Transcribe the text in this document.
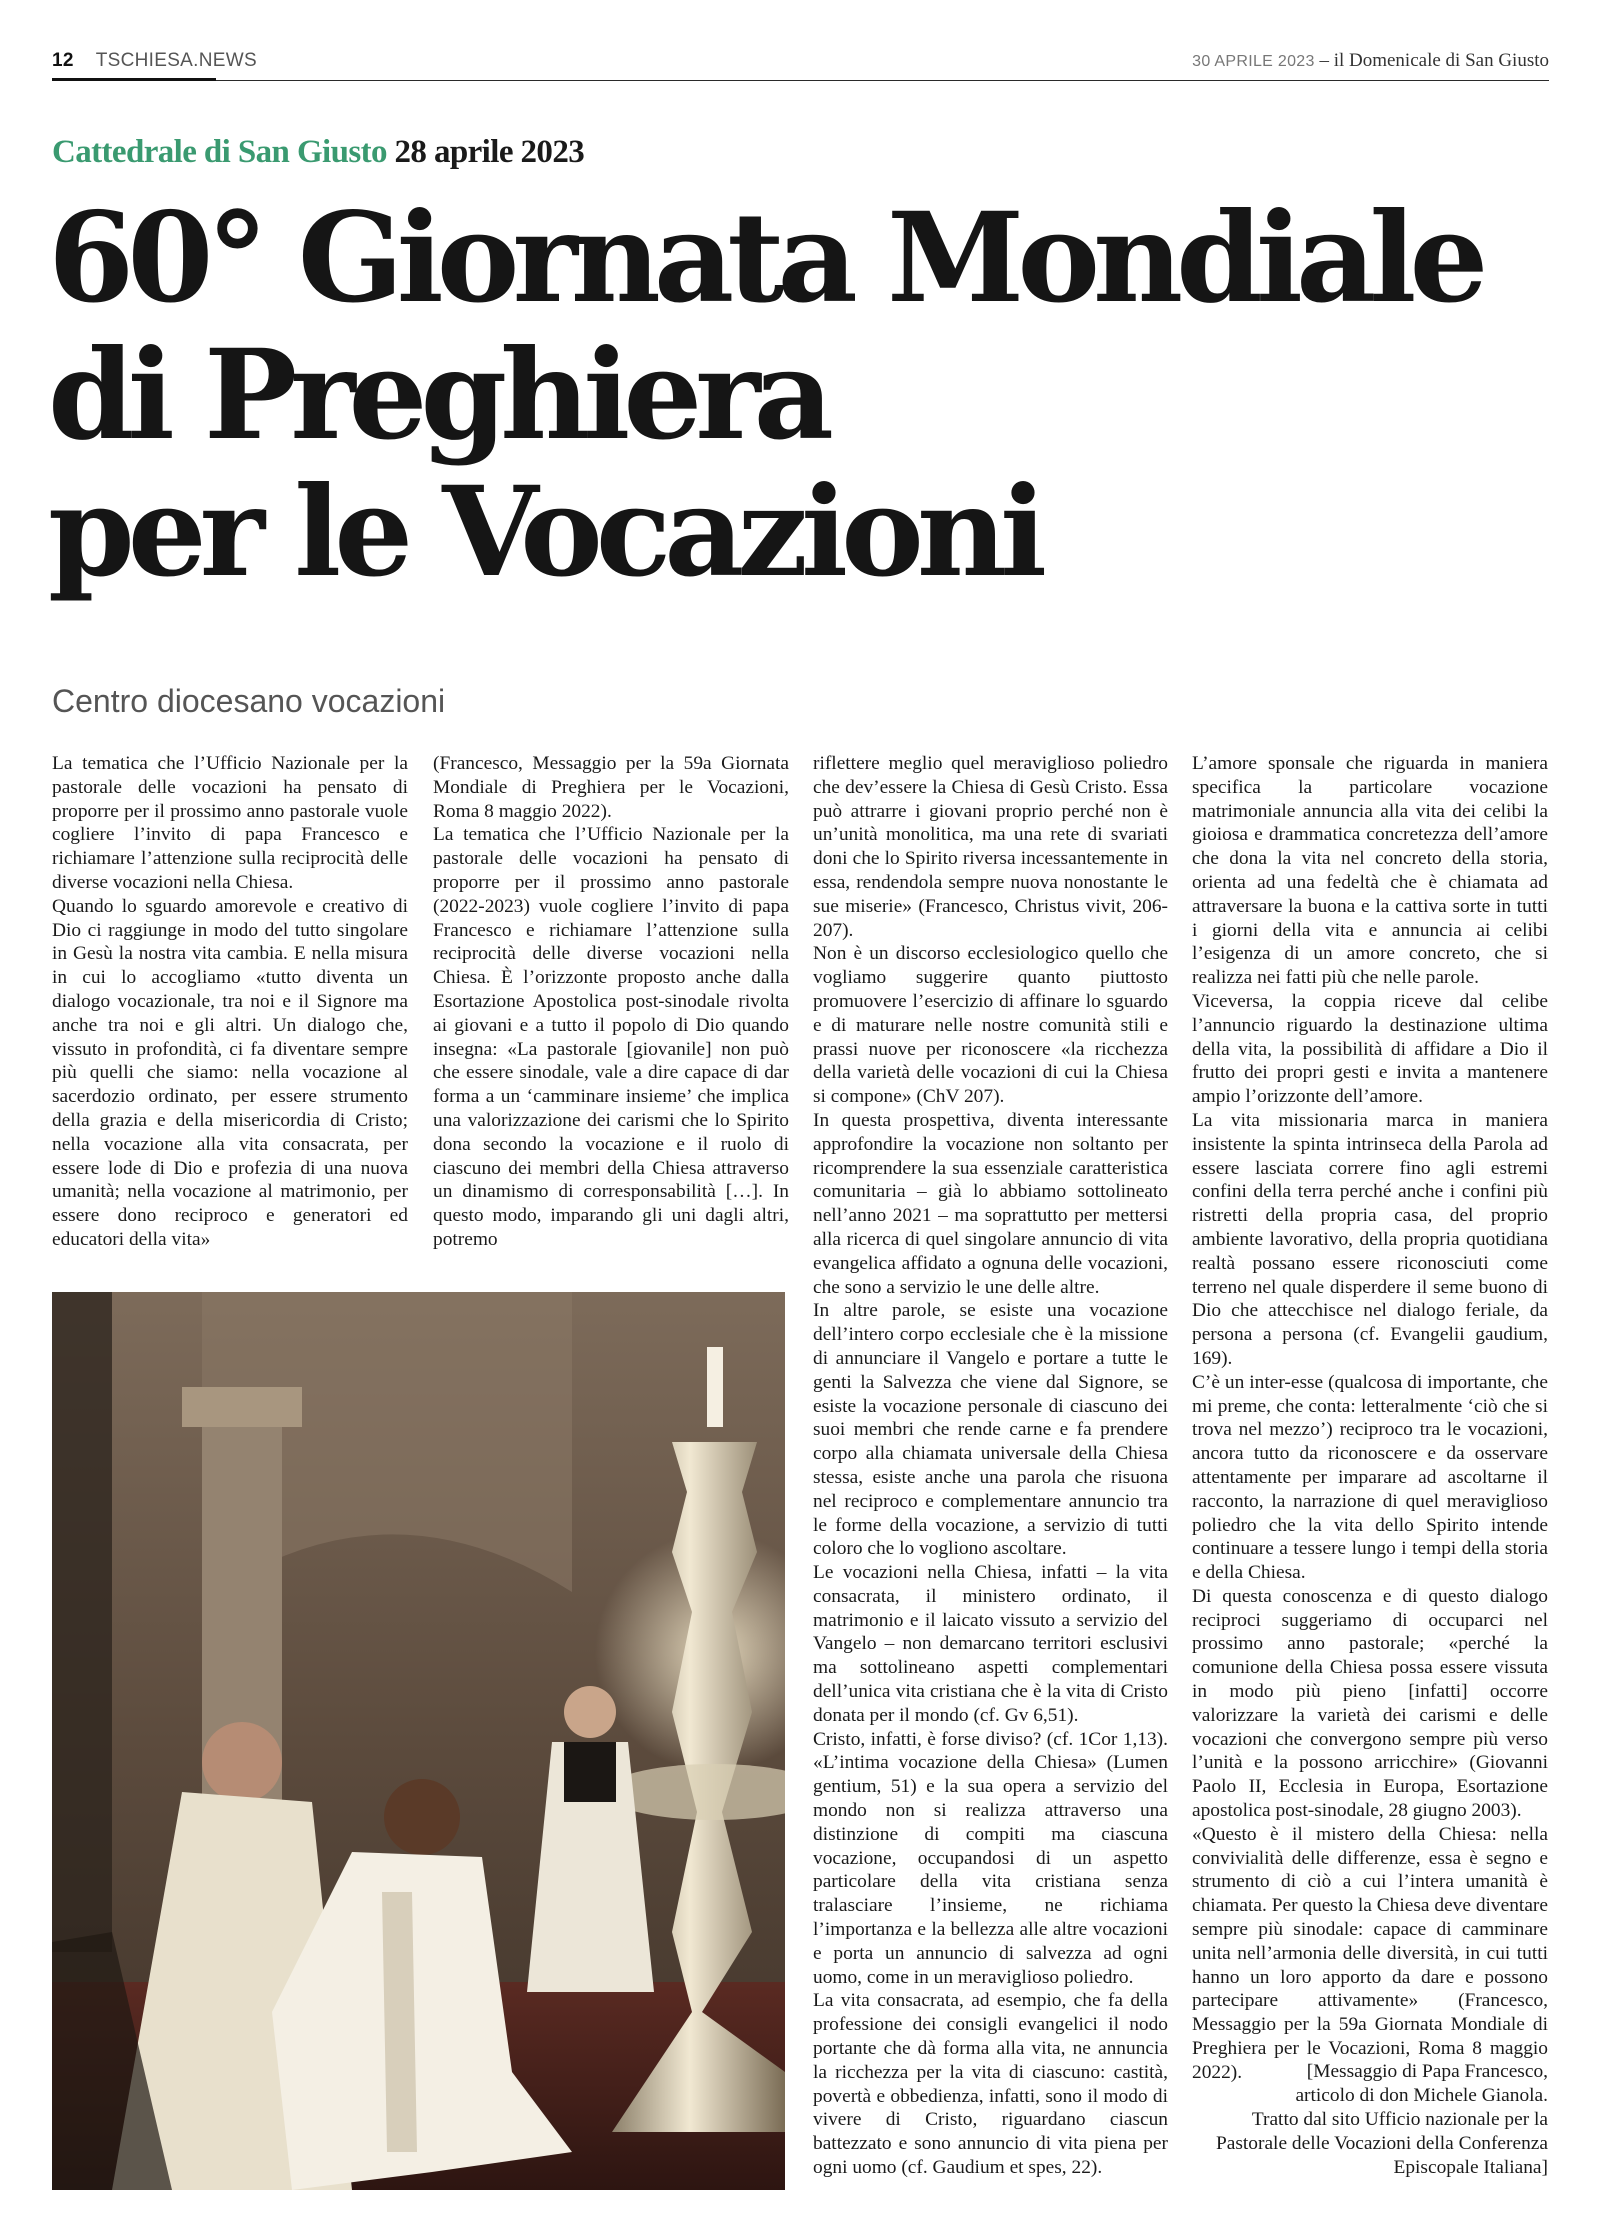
12 TSCHIESA.NEWS	30 APRILE 2023 – il Domenicale di San Giusto
Cattedrale di San Giusto 28 aprile 2023
60° Giornata Mondiale
di Preghiera
per le Vocazioni
Centro diocesano vocazioni

La tematica che l’Ufficio Nazionale per la pastorale delle vocazioni ha pensato di proporre per il prossimo anno pastorale vuole cogliere l’invito di papa Francesco e richiamare l’attenzione sulla reciprocità delle diverse vocazioni nella Chiesa.

Quando lo sguardo amorevole e creativo di Dio ci raggiunge in modo del tutto singolare in Gesù la nostra vita cambia. E nella misura in cui lo accogliamo «tutto diventa un dialogo vocazionale, tra noi e il Signore ma anche tra noi e gli altri. Un dialogo che, vissuto in profondità, ci fa diventare sempre più quelli che siamo: nella vocazione al sacerdozio ordinato, per essere strumento della grazia e della misericordia di Cristo; nella vocazione alla vita consacrata, per essere lode di Dio e profezia di una nuova umanità; nella vocazione al matrimonio, per essere dono reciproco e generatori ed educatori della vita»

(Francesco, Messaggio per la 59a Giornata Mondiale di Preghiera per le Vocazioni, Roma 8 maggio 2022).

La tematica che l’Ufficio Nazionale per la pastorale delle vocazioni ha pensato di proporre per il prossimo anno pastorale (2022-2023) vuole cogliere l’invito di papa Francesco e richiamare l’attenzione sulla reciprocità delle diverse vocazioni nella Chiesa. È l’orizzonte proposto anche dalla Esortazione Apostolica post-sinodale rivolta ai giovani e a tutto il popolo di Dio quando insegna: «La pastorale [giovanile] non può che essere sinodale, vale a dire capace di dar forma a un ‘camminare insieme’ che implica una valorizzazione dei carismi che lo Spirito dona secondo la vocazione e il ruolo di ciascuno dei membri della Chiesa attraverso un dinamismo di corresponsabilità […]. In questo modo, imparando gli uni dagli altri, potremo

riflettere meglio quel meraviglioso poliedro che dev’essere la Chiesa di Gesù Cristo. Essa può attrarre i giovani proprio perché non è un’unità monolitica, ma una rete di svariati doni che lo Spirito riversa incessantemente in essa, rendendola sempre nuova nonostante le sue miserie» (Francesco, Christus vivit, 206-207).

Non è un discorso ecclesiologico quello che vogliamo suggerire quanto piuttosto promuovere l’esercizio di affinare lo sguardo e di maturare nelle nostre comunità stili e prassi nuove per riconoscere «la ricchezza della varietà delle vocazioni di cui la Chiesa si compone» (ChV 207).

In questa prospettiva, diventa interessante approfondire la vocazione non soltanto per ricomprendere la sua essenziale caratteristica comunitaria – già lo abbiamo sottolineato nell’anno 2021 – ma soprattutto per mettersi alla ricerca di quel singolare annuncio di vita evangelica affidato a ognuna delle vocazioni, che sono a servizio le une delle altre.

In altre parole, se esiste una vocazione dell’intero corpo ecclesiale che è la missione di annunciare il Vangelo e portare a tutte le genti la Salvezza che viene dal Signore, se esiste la vocazione personale di ciascuno dei suoi membri che rende carne e fa prendere corpo alla chiamata universale della Chiesa stessa, esiste anche una parola che risuona nel reciproco e complementare annuncio tra le forme della vocazione, a servizio di tutti coloro che lo vogliono ascoltare.

Le vocazioni nella Chiesa, infatti – la vita consacrata, il ministero ordinato, il matrimonio e il laicato vissuto a servizio del Vangelo – non demarcano territori esclusivi ma sottolineano aspetti complementari dell’unica vita cristiana che è la vita di Cristo donata per il mondo (cf. Gv 6,51).

Cristo, infatti, è forse diviso? (cf. 1Cor 1,13). «L’intima vocazione della Chiesa» (Lumen gentium, 51) e la sua opera a servizio del mondo non si realizza attraverso una distinzione di compiti ma ciascuna vocazione, occupandosi di un aspetto particolare della vita cristiana senza tralasciare l’insieme, ne richiama l’importanza e la bellezza alle altre vocazioni e porta un annuncio di salvezza ad ogni uomo, come in un meraviglioso poliedro.

La vita consacrata, ad esempio, che fa della professione dei consigli evangelici il nodo portante che dà forma alla vita, ne annuncia la ricchezza per la vita di ciascuno: castità, povertà e obbedienza, infatti, sono il modo di vivere di Cristo, riguardano ciascun battezzato e sono annuncio di vita piena per ogni uomo (cf. Gaudium et spes, 22).

L’amore sponsale che riguarda in maniera specifica la particolare vocazione matrimoniale annuncia alla vita dei celibi la gioiosa e drammatica concretezza dell’amore che dona la vita nel concreto della storia, orienta ad una fedeltà che è chiamata ad attraversare la buona e la cattiva sorte in tutti i giorni della vita e annuncia ai celibi l’esigenza di un amore concreto, che si realizza nei fatti più che nelle parole.

Viceversa, la coppia riceve dal celibe l’annuncio riguardo la destinazione ultima della vita, la possibilità di affidare a Dio il frutto dei propri gesti e invita a mantenere ampio l’orizzonte dell’amore.

La vita missionaria marca in maniera insistente la spinta intrinseca della Parola ad essere lasciata correre fino agli estremi confini della terra perché anche i confini più ristretti della propria casa, del proprio ambiente lavorativo, della propria quotidiana realtà possano essere riconosciuti come terreno nel quale disperdere il seme buono di Dio che attecchisce nel dialogo feriale, da persona a persona (cf. Evangelii gaudium, 169).

C’è un inter-esse (qualcosa di importante, che mi preme, che conta: letteralmente ‘ciò che si trova nel mezzo’) reciproco tra le vocazioni, ancora tutto da riconoscere e da osservare attentamente per imparare ad ascoltarne il racconto, la narrazione di quel meraviglioso poliedro che la vita dello Spirito intende continuare a tessere lungo i tempi della storia e della Chiesa.

Di questa conoscenza e di questo dialogo reciproci suggeriamo di occuparci nel prossimo anno pastorale; «perché la comunione della Chiesa possa essere vissuta in modo più pieno [infatti] occorre valorizzare la varietà dei carismi e delle vocazioni che convergono sempre più verso l’unità e la possono arricchire» (Giovanni Paolo II, Ecclesia in Europa, Esortazione apostolica post-sinodale, 28 giugno 2003).

«Questo è il mistero della Chiesa: nella convivialità delle differenze, essa è segno e strumento di ciò a cui l’intera umanità è chiamata. Per questo la Chiesa deve diventare sempre più sinodale: capace di camminare unita nell’armonia delle diversità, in cui tutti hanno un loro apporto da dare e possono partecipare attivamente» (Francesco, Messaggio per la 59a Giornata Mondiale di Preghiera per le Vocazioni, Roma 8 maggio 2022).	[Messaggio di Papa Francesco,
articolo di don Michele Gianola.
Tratto dal sito Ufficio nazionale per la
Pastorale delle Vocazioni della Conferenza
Episcopale Italiana]
